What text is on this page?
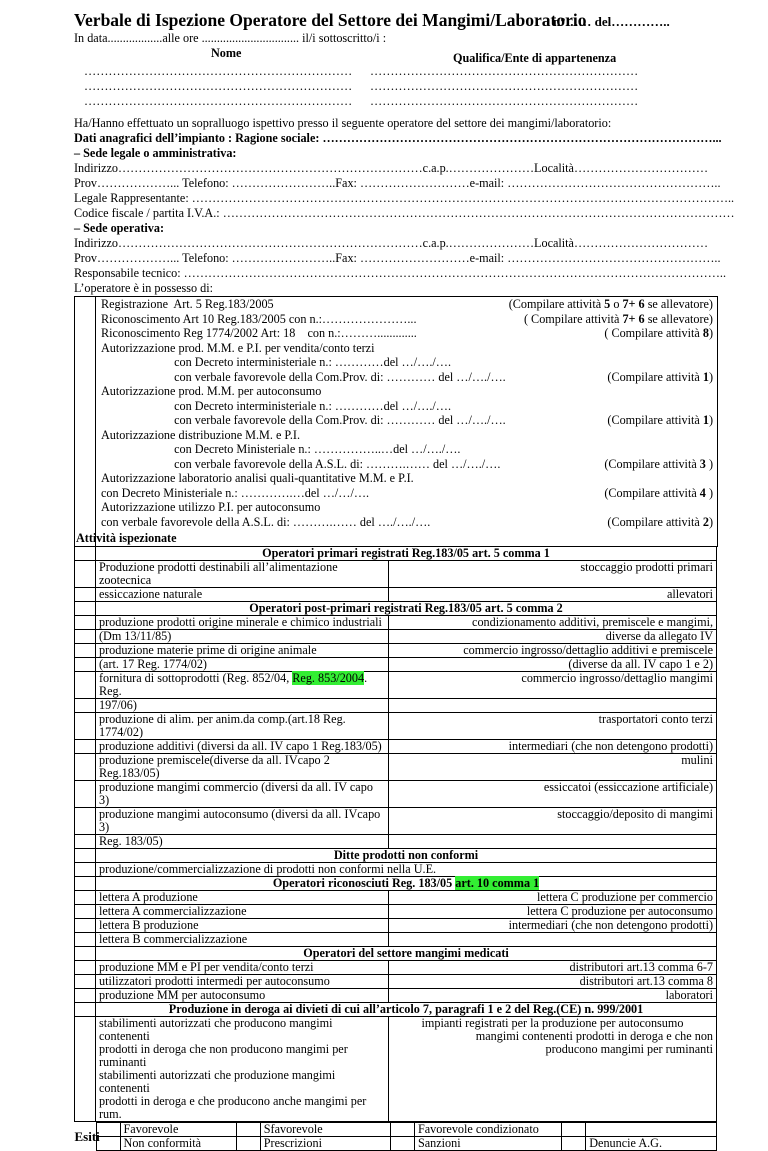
Verbale di Ispezione Operatore del Settore dei Mangimi/Laboratorio
n°…… del…………..
In data..................alle ore ................................ il/i sottoscritto/i :
Nome	Qualifica/Ente di appartenenza
…………………………………………………………
…………………………………………………………
…………………………………………………………
…………………………………………………………
…………………………………………………………
…………………………………………………………
Ha/Hanno effettuato un sopralluogo ispettivo presso il seguente operatore del settore dei mangimi/laboratorio:
Dati anagrafici dell’impianto : Ragione sociale: ……………………………………………………………………………………...
– Sede legale o amministrativa:
Indirizzo…………………………………………………………………c.a.p.…………………Località……………………………
Prov………………... Telefono: ……………………..Fax: ………………………e-mail: ……………………………………………..
Legale Rappresentante: ……………………………………………………………………………………………………………………..
Codice fiscale / partita I.V.A.: ………………………………………………………………………………………………………………
– Sede operativa:
Indirizzo…………………………………………………………………c.a.p.…………………Località……………………………
Prov………………... Telefono: ……………………..Fax: ………………………e-mail: ……………………………………………..
Responsabile tecnico: ……………………………………………………………………………………………………………………..
L’operatore è in possesso di:
Registrazione  Art. 5 Reg.183/2005	(Compilare attività 5 o 7+ 6 se allevatore)
Riconoscimento Art 10 Reg.183/2005 con n.:…………………...	( Compilare attività 7+ 6 se allevatore)
Riconoscimento Reg 1774/2002 Art: 18    con n.:……….............	( Compilare attività 8)
Autorizzazione prod. M.M. e P.I. per vendita/conto terzi
con Decreto interministeriale n.: …………del …/…./….
con verbale favorevole della Com.Prov. di: ………… del …/…./….	(Compilare attività 1)
Autorizzazione prod. M.M. per autoconsumo
con Decreto interministeriale n.: …………del …/…./….
con verbale favorevole della Com.Prov. di: ………… del …/…./….	(Compilare attività 1)
Autorizzazione distribuzione M.M. e P.I.
con Decreto Ministeriale n.: ……………..…del …/…./….
con verbale favorevole della A.S.L. di: ……….…… del …/…./….	(Compilare attività 3 )
Autorizzazione laboratorio analisi quali-quantitative M.M. e P.I.
con Decreto Ministeriale n.: ………….…del …/…/….	(Compilare attività 4 )
Autorizzazione utilizzo P.I. per autoconsumo
con verbale favorevole della A.S.L. di: ……….…… del …./…./….	(Compilare attività 2)
Attività ispezionate
	Operatori primari registrati Reg.183/05 art. 5 comma 1
	Produzione prodotti destinabili all’alimentazione zootecnica	stoccaggio prodotti primari
	essiccazione naturale	allevatori
	Operatori post-primari registrati Reg.183/05 art. 5 comma 2
	produzione prodotti origine minerale e chimico industriali	condizionamento additivi, premiscele e mangimi,
	(Dm 13/11/85)	diverse da allegato IV
	produzione materie prime di origine animale	commercio ingrosso/dettaglio additivi e premiscele
	(art. 17 Reg. 1774/02)	(diverse da all. IV capo 1 e 2)
	fornitura di sottoprodotti (Reg. 852/04, Reg. 853/2004. Reg.	commercio ingrosso/dettaglio mangimi
	197/06)	
	produzione di alim. per anim.da comp.(art.18 Reg. 1774/02)	trasportatori conto terzi
	produzione additivi (diversi da all. IV capo 1 Reg.183/05)	intermediari (che non detengono prodotti)
	produzione premiscele(diverse da all. IVcapo 2 Reg.183/05)	mulini
	produzione mangimi commercio (diversi da all. IV capo 3)	essiccatoi (essiccazione artificiale)
	produzione mangimi autoconsumo (diversi da all. IVcapo 3)	stoccaggio/deposito di mangimi
	Reg. 183/05)	
	Ditte prodotti non conformi
	produzione/commercializzazione di prodotti non conformi nella U.E.
	Operatori riconosciuti Reg. 183/05 art. 10 comma 1
	lettera A produzione	lettera C produzione per commercio
	lettera A commercializzazione	lettera C produzione per autoconsumo
	lettera B produzione	intermediari (che non detengono prodotti)
	lettera B commercializzazione	
	Operatori del settore mangimi medicati
	produzione MM e PI per vendita/conto terzi	distributori art.13 comma 6-7
	utilizzatori prodotti intermedi per autoconsumo	distributori art.13 comma 8
	produzione MM per autoconsumo	laboratori
	Produzione in deroga ai divieti di cui all’articolo 7, paragrafi 1 e 2 del Reg.(CE) n. 999/2001

stabilimenti autorizzati che producono mangimi contenenti
prodotti in deroga che non producono mangimi per
ruminanti
stabilimenti autorizzati che produzione mangimi contenenti
prodotti in deroga e che producono anche mangimi per rum.

impianti registrati per la produzione per autoconsumo
mangimi contenenti prodotti in deroga e che non
producono mangimi per ruminanti

Esiti	
	Favorevole		Sfavorevole		Favorevole condizionato		
	Non conformità		Prescrizioni		Sanzioni		Denuncie A.G.
